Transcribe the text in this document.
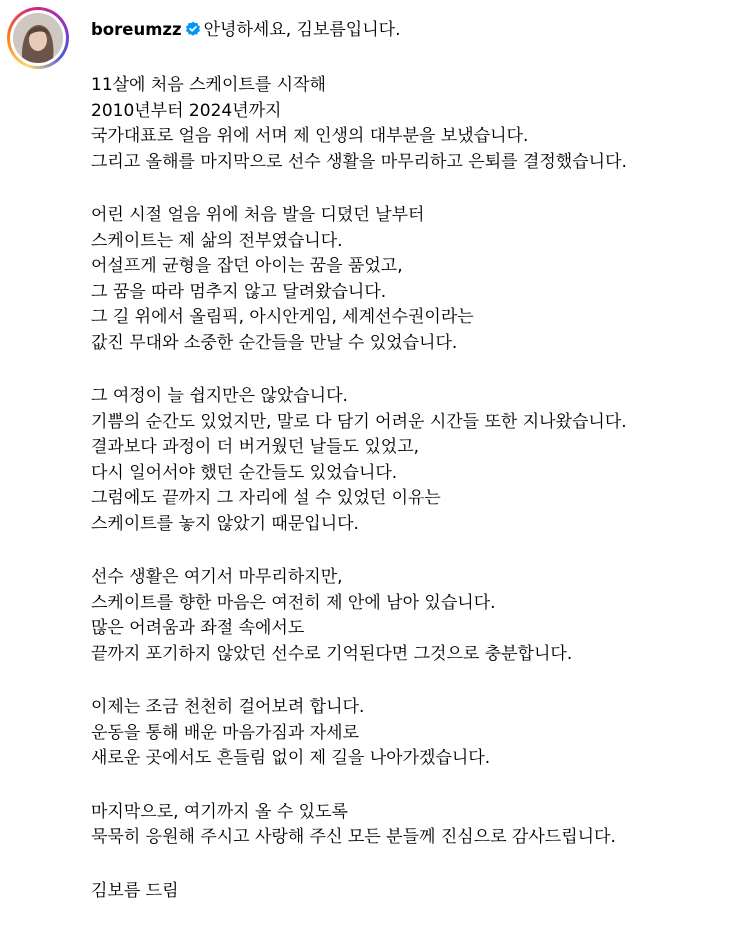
boreumzz 안녕하세요, 김보름입니다.
11살에 처음 스케이트를 시작해
2010년부터 2024년까지
국가대표로 얼음 위에 서며 제 인생의 대부분을 보냈습니다.
그리고 올해를 마지막으로 선수 생활을 마무리하고 은퇴를 결정했습니다.
어린 시절 얼음 위에 처음 발을 디뎠던 날부터
스케이트는 제 삶의 전부였습니다.
어설프게 균형을 잡던 아이는 꿈을 품었고,
그 꿈을 따라 멈추지 않고 달려왔습니다.
그 길 위에서 올림픽, 아시안게임, 세계선수권이라는
값진 무대와 소중한 순간들을 만날 수 있었습니다.
그 여정이 늘 쉽지만은 않았습니다.
기쁨의 순간도 있었지만, 말로 다 담기 어려운 시간들 또한 지나왔습니다.
결과보다 과정이 더 버거웠던 날들도 있었고,
다시 일어서야 했던 순간들도 있었습니다.
그럼에도 끝까지 그 자리에 설 수 있었던 이유는
스케이트를 놓지 않았기 때문입니다.
선수 생활은 여기서 마무리하지만,
스케이트를 향한 마음은 여전히 제 안에 남아 있습니다.
많은 어려움과 좌절 속에서도
끝까지 포기하지 않았던 선수로 기억된다면 그것으로 충분합니다.
이제는 조금 천천히 걸어보려 합니다.
운동을 통해 배운 마음가짐과 자세로
새로운 곳에서도 흔들림 없이 제 길을 나아가겠습니다.
마지막으로, 여기까지 올 수 있도록
묵묵히 응원해 주시고 사랑해 주신 모든 분들께 진심으로 감사드립니다.
김보름 드림
